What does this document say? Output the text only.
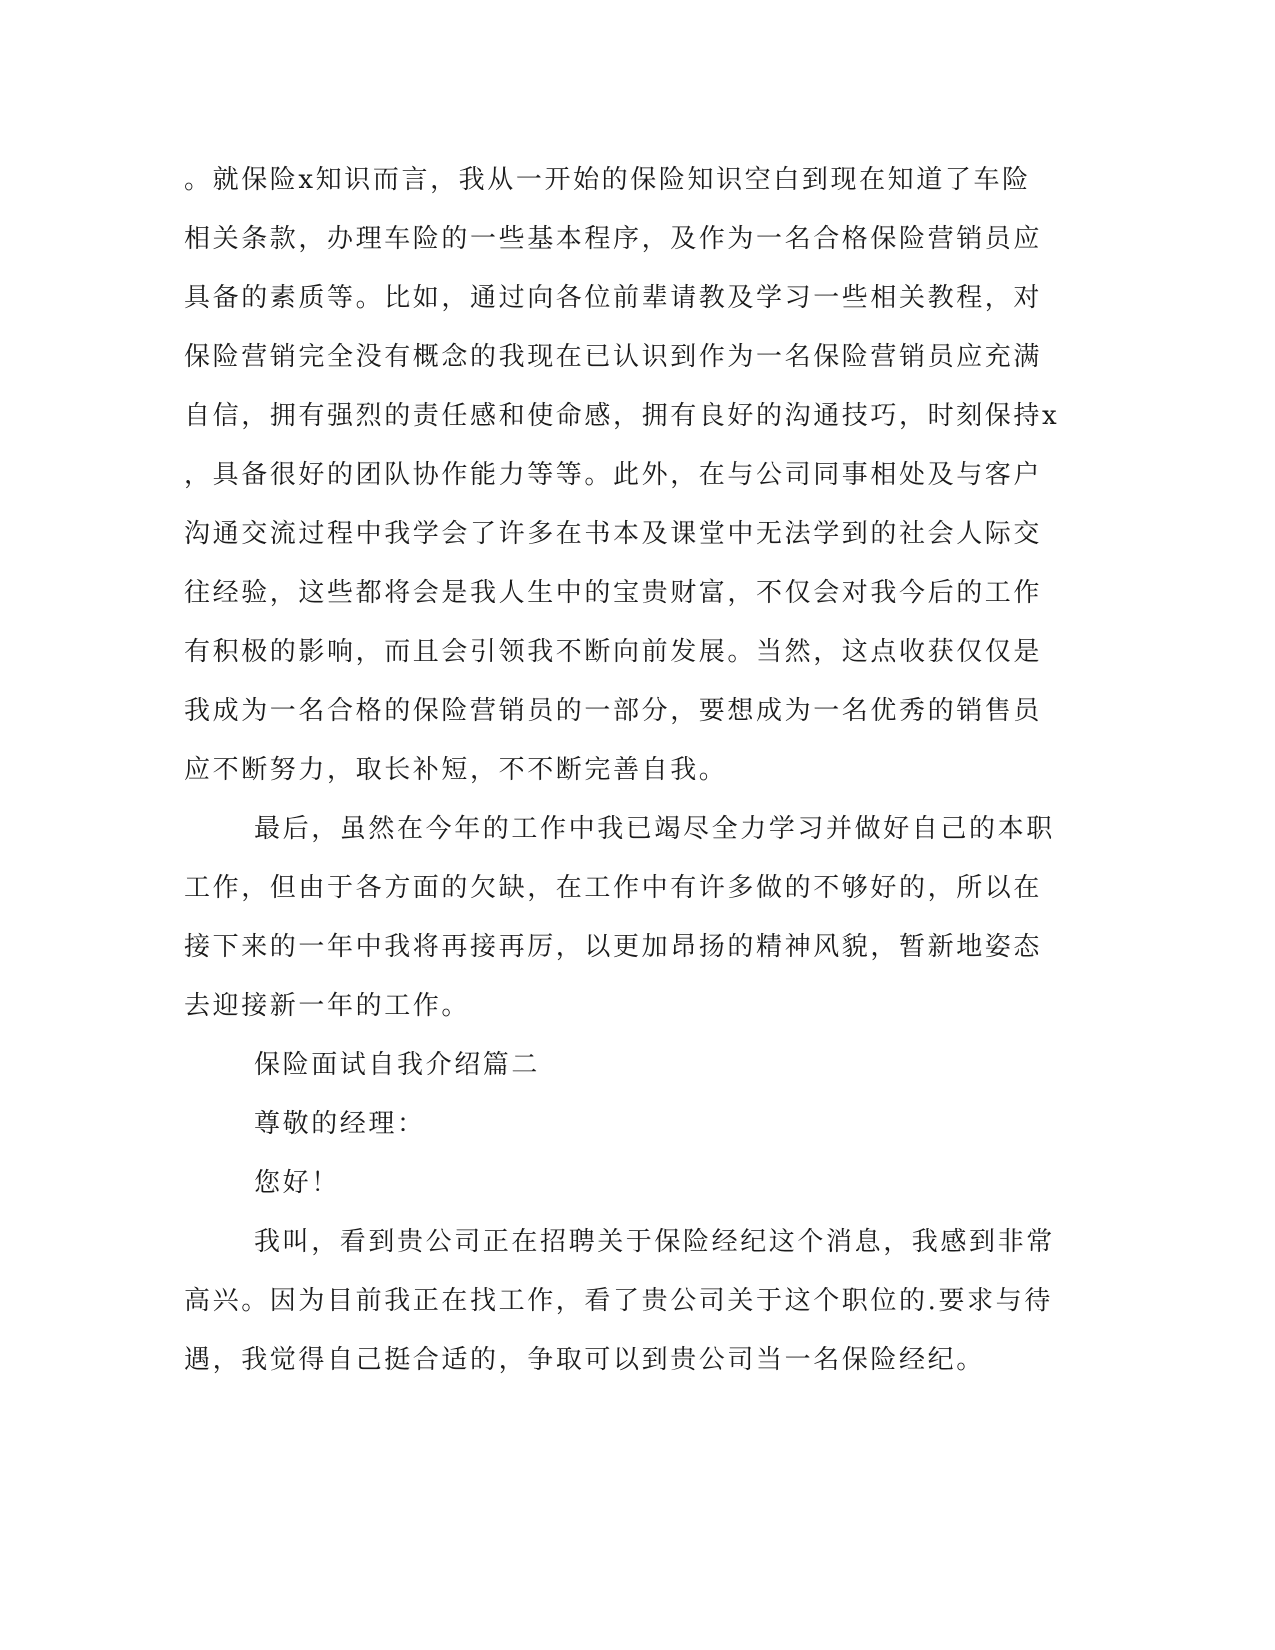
。就保险x知识而言，我从一开始的保险知识空白到现在知道了车险

相关条款，办理车险的一些基本程序，及作为一名合格保险营销员应

具备的素质等。比如，通过向各位前辈请教及学习一些相关教程，对

保险营销完全没有概念的我现在已认识到作为一名保险营销员应充满

自信，拥有强烈的责任感和使命感，拥有良好的沟通技巧，时刻保持x

，具备很好的团队协作能力等等。此外，在与公司同事相处及与客户

沟通交流过程中我学会了许多在书本及课堂中无法学到的社会人际交

往经验，这些都将会是我人生中的宝贵财富，不仅会对我今后的工作

有积极的影响，而且会引领我不断向前发展。当然，这点收获仅仅是

我成为一名合格的保险营销员的一部分，要想成为一名优秀的销售员

应不断努力，取长补短，不不断完善自我。

最后，虽然在今年的工作中我已竭尽全力学习并做好自己的本职

工作，但由于各方面的欠缺，在工作中有许多做的不够好的，所以在

接下来的一年中我将再接再厉，以更加昂扬的精神风貌，暂新地姿态

去迎接新一年的工作。

保险面试自我介绍篇二

尊敬的经理：

您好！

我叫，看到贵公司正在招聘关于保险经纪这个消息，我感到非常

高兴。因为目前我正在找工作，看了贵公司关于这个职位的.要求与待

遇，我觉得自己挺合适的，争取可以到贵公司当一名保险经纪。
